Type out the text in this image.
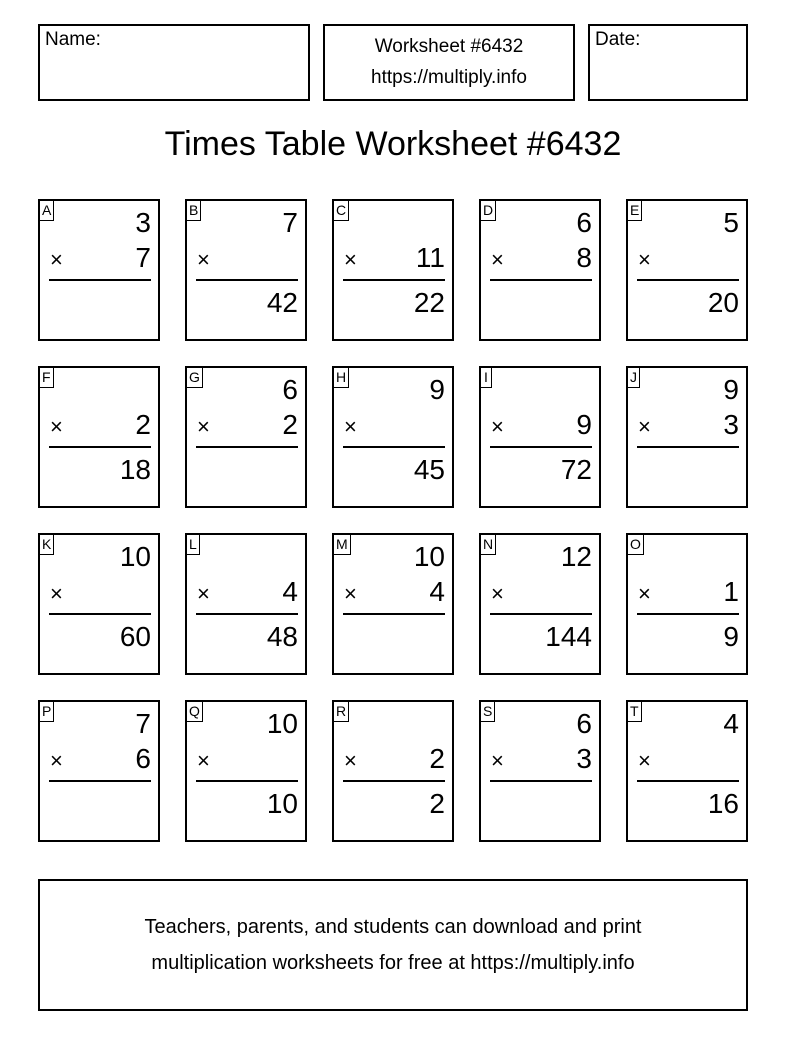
Name:	Worksheet #6432
https://multiply.info
Date:
Times Table Worksheet #6432
A	3
×	7
B	7
×
42
C
× 11
22
D	6
×	8
E	5
×
20
F
×	2
18
G	6
×	2
H	9
×
45
I
×	9
72
J	9
×	3
K 10
×
60
L
×	4
48
M 10
×	4
N 12
×
144
O
×	1
9
P	7
×	6
Q 10
×
10
R
×	2
2
S	6
×	3
T	4
×
16
Teachers, parents, and students can download and print
multiplication worksheets for free at https://multiply.info
